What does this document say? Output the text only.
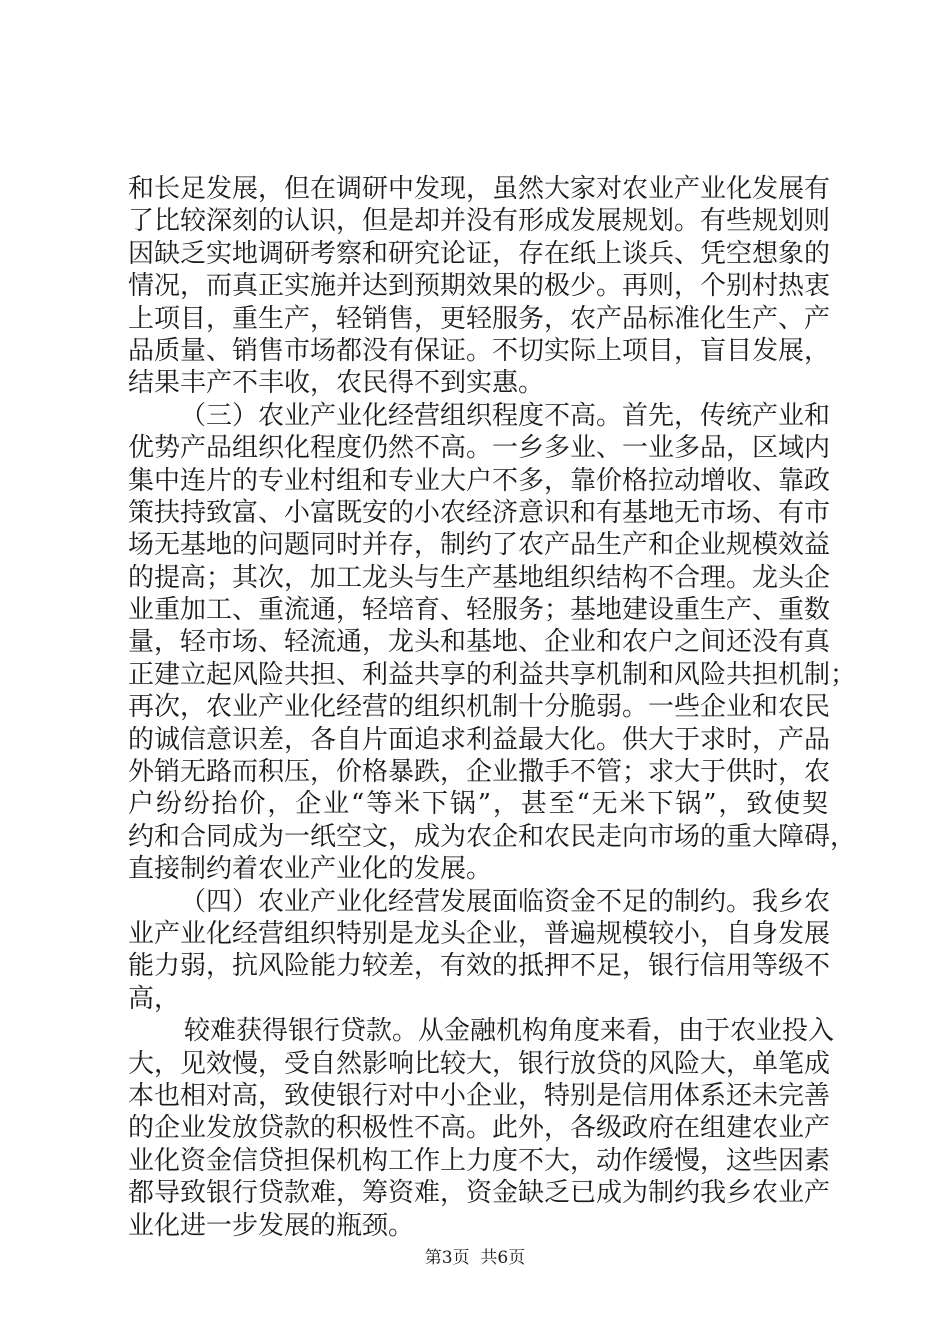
和长足发展，但在调研中发现，虽然大家对农业产业化发展有
了比较深刻的认识，但是却并没有形成发展规划。有些规划则
因缺乏实地调研考察和研究论证，存在纸上谈兵、凭空想象的
情况，而真正实施并达到预期效果的极少。再则，个别村热衷
上项目，重生产，轻销售，更轻服务，农产品标准化生产、产
品质量、销售市场都没有保证。不切实际上项目，盲目发展，
结果丰产不丰收，农民得不到实惠。
（三）农业产业化经营组织程度不高。首先，传统产业和
优势产品组织化程度仍然不高。一乡多业、一业多品，区域内
集中连片的专业村组和专业大户不多，靠价格拉动增收、靠政
策扶持致富、小富既安的小农经济意识和有基地无市场、有市
场无基地的问题同时并存，制约了农产品生产和企业规模效益
的提高；其次，加工龙头与生产基地组织结构不合理。龙头企
业重加工、重流通，轻培育、轻服务；基地建设重生产、重数
量，轻市场、轻流通，龙头和基地、企业和农户之间还没有真
正建立起风险共担、利益共享的利益共享机制和风险共担机制；
再次，农业产业化经营的组织机制十分脆弱。一些企业和农民
的诚信意识差，各自片面追求利益最大化。供大于求时，产品
外销无路而积压，价格暴跌，企业撒手不管；求大于供时，农
户纷纷抬价，企业“等米下锅”，甚至“无米下锅”，致使契
约和合同成为一纸空文，成为农企和农民走向市场的重大障碍，
直接制约着农业产业化的发展。
（四）农业产业化经营发展面临资金不足的制约。我乡农
业产业化经营组织特别是龙头企业，普遍规模较小，自身发展
能力弱，抗风险能力较差，有效的抵押不足，银行信用等级不
高，
较难获得银行贷款。从金融机构角度来看，由于农业投入
大，见效慢，受自然影响比较大，银行放贷的风险大，单笔成
本也相对高，致使银行对中小企业，特别是信用体系还未完善
的企业发放贷款的积极性不高。此外，各级政府在组建农业产
业化资金信贷担保机构工作上力度不大，动作缓慢，这些因素
都导致银行贷款难，筹资难，资金缺乏已成为制约我乡农业产
业化进一步发展的瓶颈。
第3页  共6页
